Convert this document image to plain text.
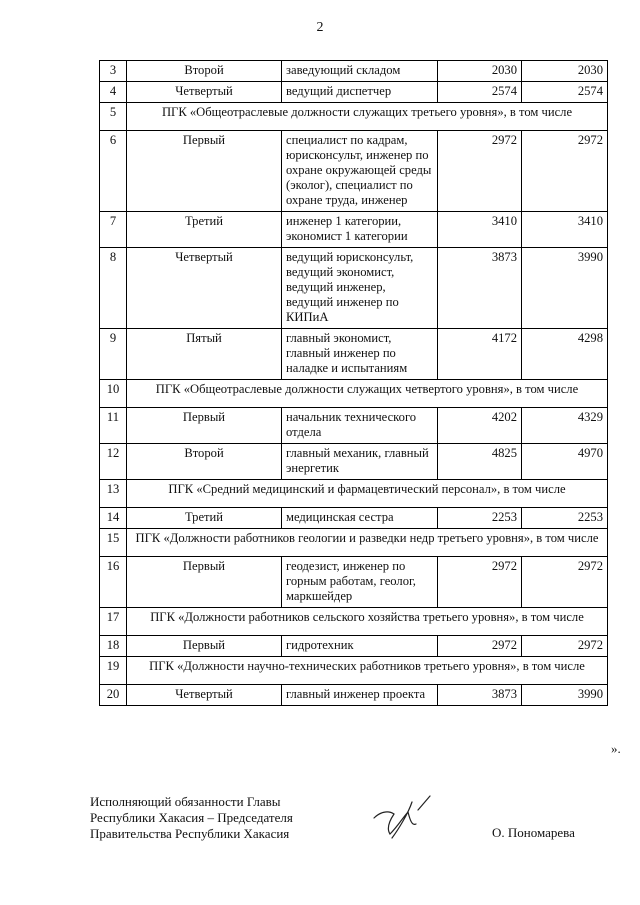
2
3	Второй	заведующий складом	2030	2030
4	Четвертый	ведущий диспетчер	2574	2574
5	ПГК «Общеотраслевые должности служащих третьего уровня», в том числе			
6	Первый	специалист по кадрам,
юрисконсульт, инженер по
охране окружающей среды
(эколог), специалист по
охране труда, инженер	2972	2972
7	Третий	инженер 1 категории,
экономист 1 категории	3410	3410
8	Четвертый	ведущий юрисконсульт,
ведущий экономист,
ведущий инженер,
ведущий инженер по
КИПиА	3873	3990
9	Пятый	главный экономист,
главный инженер по
наладке и испытаниям	4172	4298
10	ПГК «Общеотраслевые должности служащих четвертого уровня», в том числе			
11	Первый	начальник технического
отдела	4202	4329
12	Второй	главный механик, главный
энергетик	4825	4970
13	ПГК «Средний медицинский и фармацевтический персонал», в том числе			
14	Третий	медицинская сестра	2253	2253
15	ПГК «Должности работников геологии и разведки недр третьего уровня», в том числе			
16	Первый	геодезист, инженер по
горным работам, геолог,
маркшейдер	2972	2972
17	ПГК «Должности работников сельского хозяйства третьего уровня», в том числе			
18	Первый	гидротехник	2972	2972
19	ПГК «Должности научно-технических работников третьего уровня», в том числе			
20	Четвертый	главный инженер проекта	3873	3990
».
Исполняющий обязанности Главы
Республики Хакасия – Председателя
Правительства Республики Хакасия	О. Пономарева
